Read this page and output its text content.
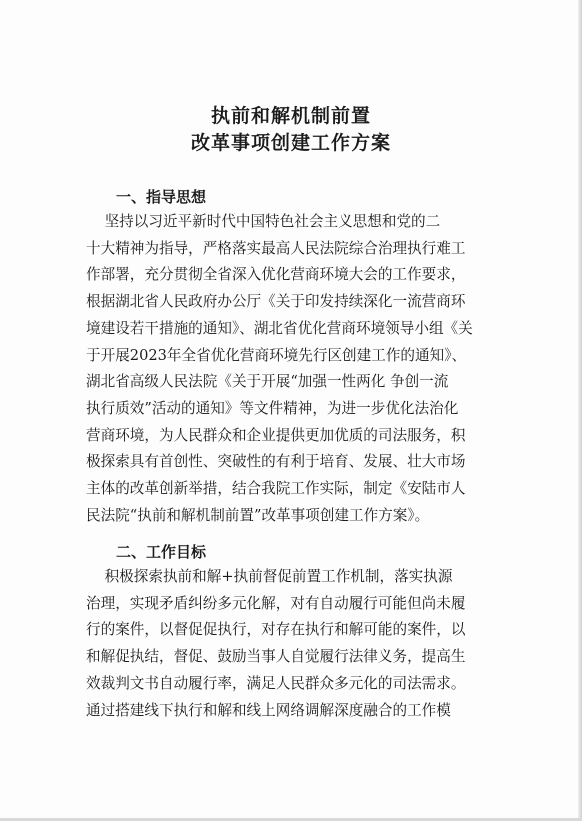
执前和解机制前置
改革事项创建工作方案
一、指导思想
坚持以习近平新时代中国特色社会主义思想和党的二
十大精神为指导，严格落实最高人民法院综合治理执行难工
作部署，充分贯彻全省深入优化营商环境大会的工作要求，
根据湖北省人民政府办公厅《关于印发持续深化一流营商环
境建设若干措施的通知》、湖北省优化营商环境领导小组《关
于开展2023年全省优化营商环境先行区创建工作的通知》、
湖北省高级人民法院《关于开展“加强一性两化 争创一流
执行质效”活动的通知》等文件精神，为进一步优化法治化
营商环境，为人民群众和企业提供更加优质的司法服务，积
极探索具有首创性、突破性的有利于培育、发展、壮大市场
主体的改革创新举措，结合我院工作实际，制定《安陆市人
民法院“执前和解机制前置”改革事项创建工作方案》。
二、工作目标
积极探索执前和解+执前督促前置工作机制，落实执源
治理，实现矛盾纠纷多元化解，对有自动履行可能但尚未履
行的案件，以督促促执行，对存在执行和解可能的案件，以
和解促执结，督促、鼓励当事人自觉履行法律义务，提高生
效裁判文书自动履行率，满足人民群众多元化的司法需求。
通过搭建线下执行和解和线上网络调解深度融合的工作模
